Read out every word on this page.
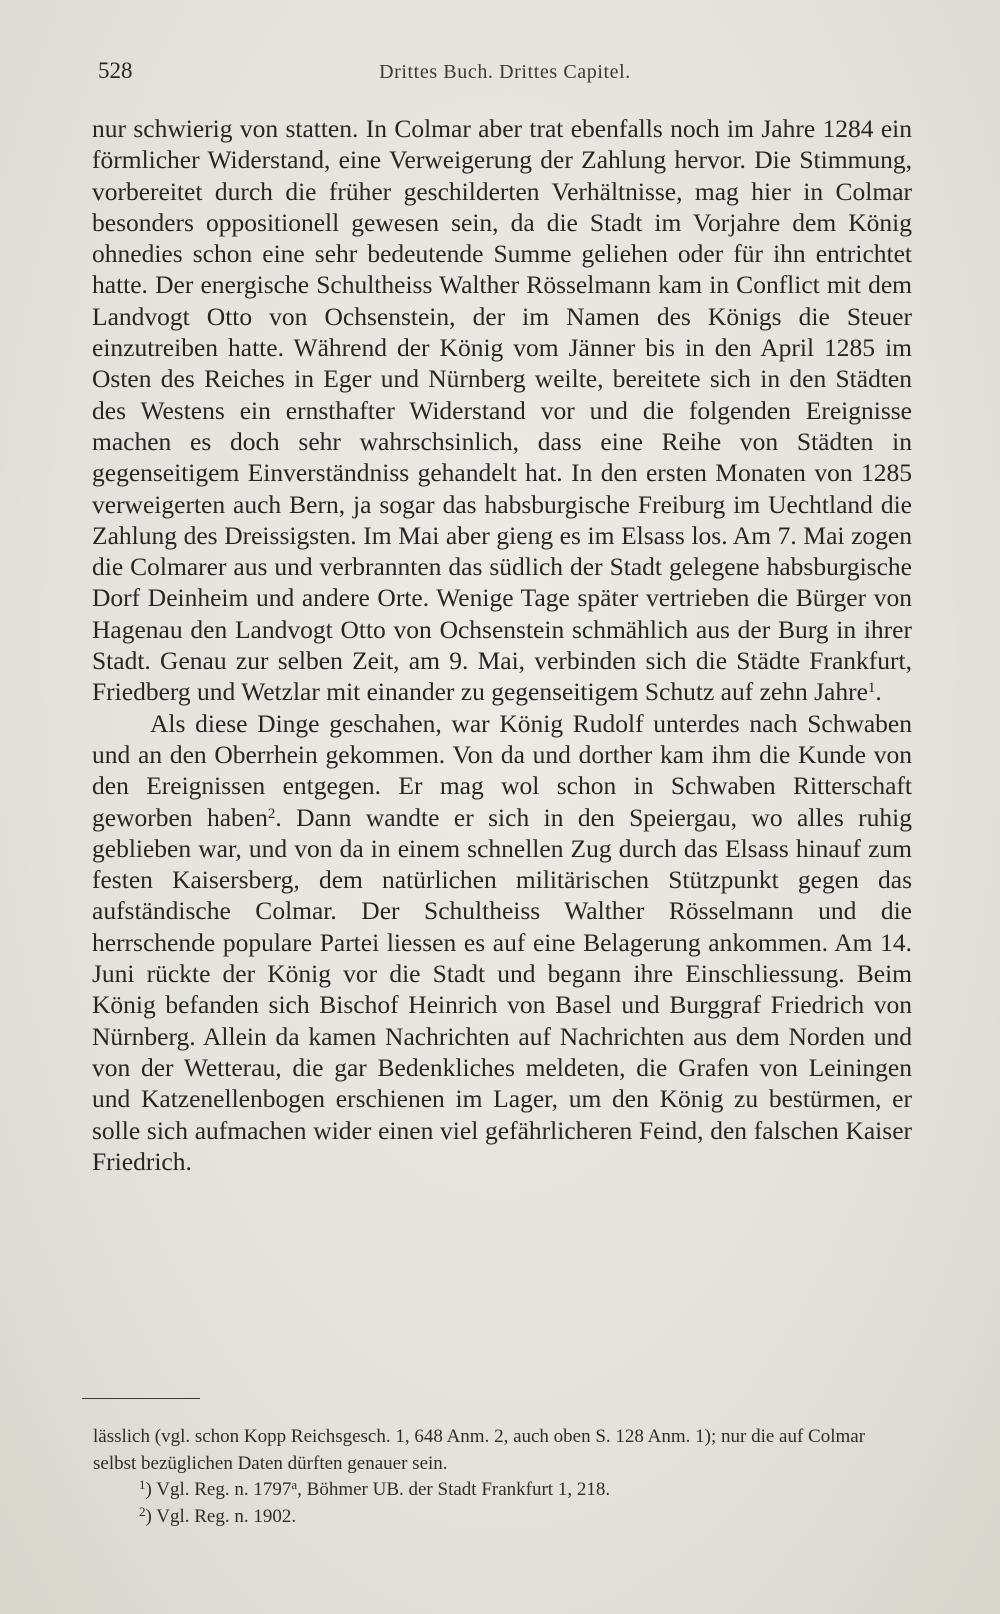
528	Drittes Buch. Drittes Capitel.

nur schwierig von statten. In Colmar aber trat ebenfalls noch im Jahre 1284 ein förmlicher Widerstand, eine Verweigerung der Zahlung hervor. Die Stimmung, vorbereitet durch die früher geschilderten Verhältnisse, mag hier in Colmar besonders oppositionell gewesen sein, da die Stadt im Vorjahre dem König ohnedies schon eine sehr bedeutende Summe geliehen oder für ihn entrichtet hatte. Der energische Schultheiss Walther Rösselmann kam in Conflict mit dem Landvogt Otto von Ochsenstein, der im Namen des Königs die Steuer einzutreiben hatte. Während der König vom Jänner bis in den April 1285 im Osten des Reiches in Eger und Nürnberg weilte, bereitete sich in den Städten des Westens ein ernsthafter Widerstand vor und die folgenden Ereignisse machen es doch sehr wahrschsinlich, dass eine Reihe von Städten in gegenseitigem Einverständniss gehandelt hat. In den ersten Monaten von 1285 verweigerten auch Bern, ja sogar das habsburgische Freiburg im Uechtland die Zahlung des Dreissigsten. Im Mai aber gieng es im Elsass los. Am 7. Mai zogen die Colmarer aus und verbrannten das südlich der Stadt gelegene habsburgische Dorf Deinheim und andere Orte. Wenige Tage später vertrieben die Bürger von Hagenau den Landvogt Otto von Ochsenstein schmählich aus der Burg in ihrer Stadt. Genau zur selben Zeit, am 9. Mai, verbinden sich die Städte Frankfurt, Friedberg und Wetzlar mit einander zu gegenseitigem Schutz auf zehn Jahre$^1$.

Als diese Dinge geschahen, war König Rudolf unterdes nach Schwaben und an den Oberrhein gekommen. Von da und dorther kam ihm die Kunde von den Ereignissen entgegen. Er mag wol schon in Schwaben Ritterschaft geworben haben$^2$. Dann wandte er sich in den Speiergau, wo alles ruhig geblieben war, und von da in einem schnellen Zug durch das Elsass hinauf zum festen Kaisersberg, dem natürlichen militärischen Stützpunkt gegen das aufständische Colmar. Der Schultheiss Walther Rösselmann und die herrschende populare Partei liessen es auf eine Belagerung ankommen. Am 14. Juni rückte der König vor die Stadt und begann ihre Einschliessung. Beim König befanden sich Bischof Heinrich von Basel und Burggraf Friedrich von Nürnberg. Allein da kamen Nachrichten auf Nachrichten aus dem Norden und von der Wetterau, die gar Bedenkliches meldeten, die Grafen von Leiningen und Katzenellenbogen erschienen im Lager, um den König zu bestürmen, er solle sich aufmachen wider einen viel gefährlicheren Feind, den falschen Kaiser Friedrich.

lässlich (vgl. schon Kopp Reichsgesch. 1, 648 Anm. 2, auch oben S. 128 Anm. 1); nur die auf Colmar selbst bezüglichen Daten dürften genauer sein.

$^1$) Vgl. Reg. n. 1797$^a$, Böhmer UB. der Stadt Frankfurt 1, 218.

$^2$) Vgl. Reg. n. 1902.
